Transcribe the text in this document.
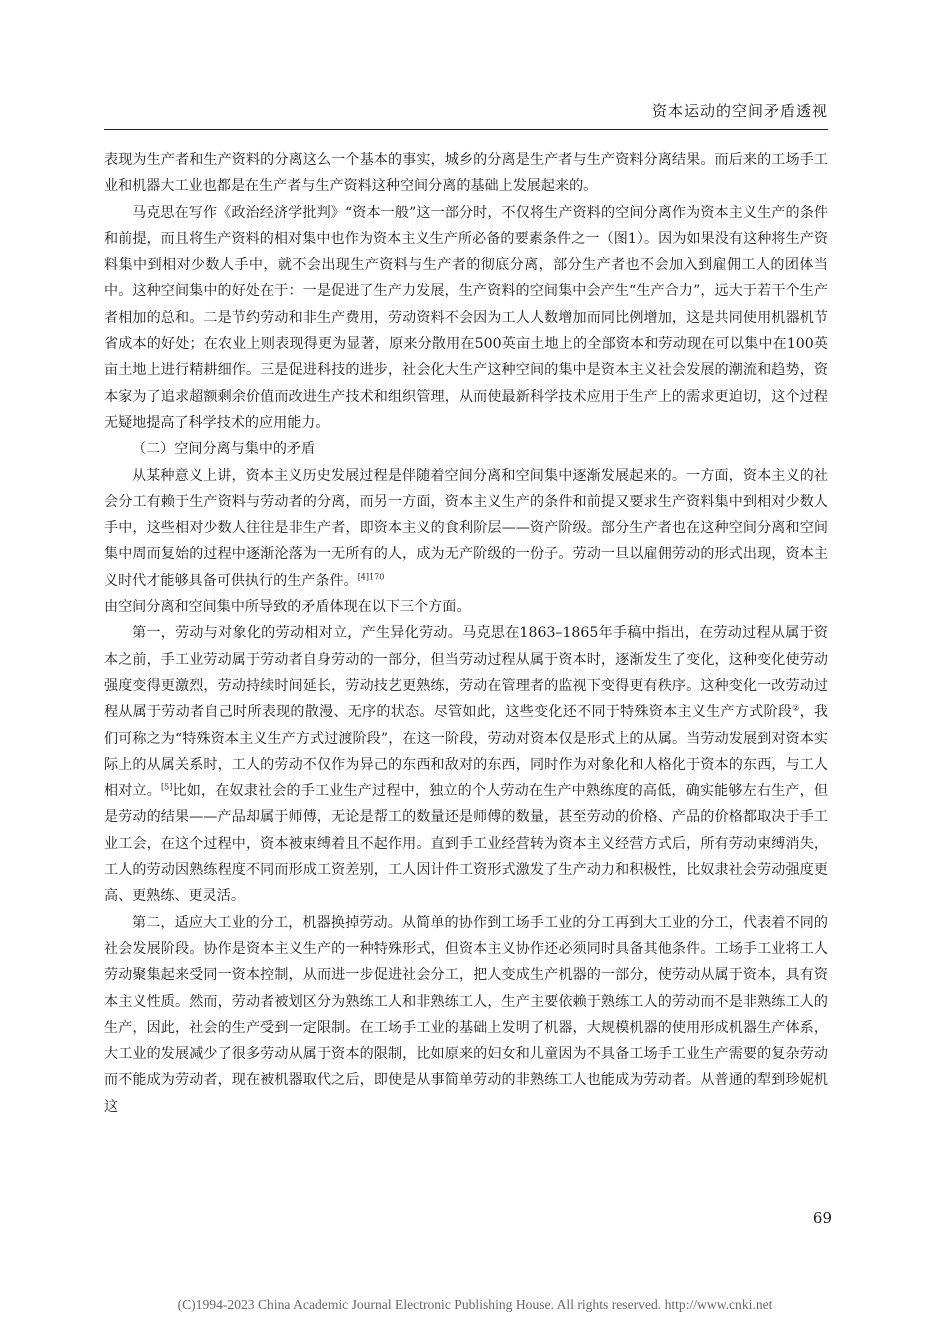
资本运动的空间矛盾透视

表现为生产者和生产资料的分离这么一个基本的事实，城乡的分离是生产者与生产资料分离结果。而后来的工场手工业和机器大工业也都是在生产者与生产资料这种空间分离的基础上发展起来的。

马克思在写作《政治经济学批判》“资本一般”这一部分时，不仅将生产资料的空间分离作为资本主义生产的条件和前提，而且将生产资料的相对集中也作为资本主义生产所必备的要素条件之一（图1）。因为如果没有这种将生产资料集中到相对少数人手中，就不会出现生产资料与生产者的彻底分离，部分生产者也不会加入到雇佣工人的团体当中。这种空间集中的好处在于：一是促进了生产力发展，生产资料的空间集中会产生“生产合力”，远大于若干个生产者相加的总和。二是节约劳动和非生产费用，劳动资料不会因为工人人数增加而同比例增加，这是共同使用机器机节省成本的好处；在农业上则表现得更为显著，原来分散用在500英亩土地上的全部资本和劳动现在可以集中在100英亩土地上进行精耕细作。三是促进科技的进步，社会化大生产这种空间的集中是资本主义社会发展的潮流和趋势，资本家为了追求超额剩余价值而改进生产技术和组织管理，从而使最新科学技术应用于生产上的需求更迫切，这个过程无疑地提高了科学技术的应用能力。

（二）空间分离与集中的矛盾

从某种意义上讲，资本主义历史发展过程是伴随着空间分离和空间集中逐渐发展起来的。一方面，资本主义的社会分工有赖于生产资料与劳动者的分离，而另一方面，资本主义生产的条件和前提又要求生产资料集中到相对少数人手中，这些相对少数人往往是非生产者，即资本主义的食利阶层——资产阶级。部分生产者也在这种空间分离和空间集中周而复始的过程中逐渐沦落为一无所有的人，成为无产阶级的一份子。劳动一旦以雇佣劳动的形式出现，资本主义时代才能够具备可供执行的生产条件。$^{[4]170}$
由空间分离和空间集中所导致的矛盾体现在以下三个方面。

第一，劳动与对象化的劳动相对立，产生异化劳动。马克思在1863–1865年手稿中指出，在劳动过程从属于资本之前，手工业劳动属于劳动者自身劳动的一部分，但当劳动过程从属于资本时，逐渐发生了变化，这种变化使劳动强度变得更激烈，劳动持续时间延长，劳动技艺更熟练，劳动在管理者的监视下变得更有秩序。这种变化一改劳动过程从属于劳动者自己时所表现的散漫、无序的状态。尽管如此，这些变化还不同于特殊资本主义生产方式阶段②，我们可称之为“特殊资本主义生产方式过渡阶段”，在这一阶段，劳动对资本仅是形式上的从属。当劳动发展到对资本实际上的从属关系时，工人的劳动不仅作为异己的东西和敌对的东西，同时作为对象化和人格化于资本的东西，与工人相对立。[5]比如，在奴隶社会的手工业生产过程中，独立的个人劳动在生产中熟练度的高低，确实能够左右生产，但是劳动的结果——产品却属于师傅，无论是帮工的数量还是师傅的数量，甚至劳动的价格、产品的价格都取决于手工业工会，在这个过程中，资本被束缚着且不起作用。直到手工业经营转为资本主义经营方式后，所有劳动束缚消失，工人的劳动因熟练程度不同而形成工资差别，工人因计件工资形式激发了生产动力和积极性，比奴隶社会劳动强度更高、更熟练、更灵活。

第二，适应大工业的分工，机器换掉劳动。从简单的协作到工场手工业的分工再到大工业的分工，代表着不同的社会发展阶段。协作是资本主义生产的一种特殊形式，但资本主义协作还必须同时具备其他条件。工场手工业将工人劳动聚集起来受同一资本控制，从而进一步促进社会分工，把人变成生产机器的一部分，使劳动从属于资本，具有资本主义性质。然而，劳动者被划区分为熟练工人和非熟练工人，生产主要依赖于熟练工人的劳动而不是非熟练工人的生产，因此，社会的生产受到一定限制。在工场手工业的基础上发明了机器，大规模机器的使用形成机器生产体系，大工业的发展减少了很多劳动从属于资本的限制，比如原来的妇女和儿童因为不具备工场手工业生产需要的复杂劳动而不能成为劳动者，现在被机器取代之后，即使是从事简单劳动的非熟练工人也能成为劳动者。从普通的犁到珍妮机这

69
(C)1994-2023 China Academic Journal Electronic Publishing House. All rights reserved. http://www.cnki.net
